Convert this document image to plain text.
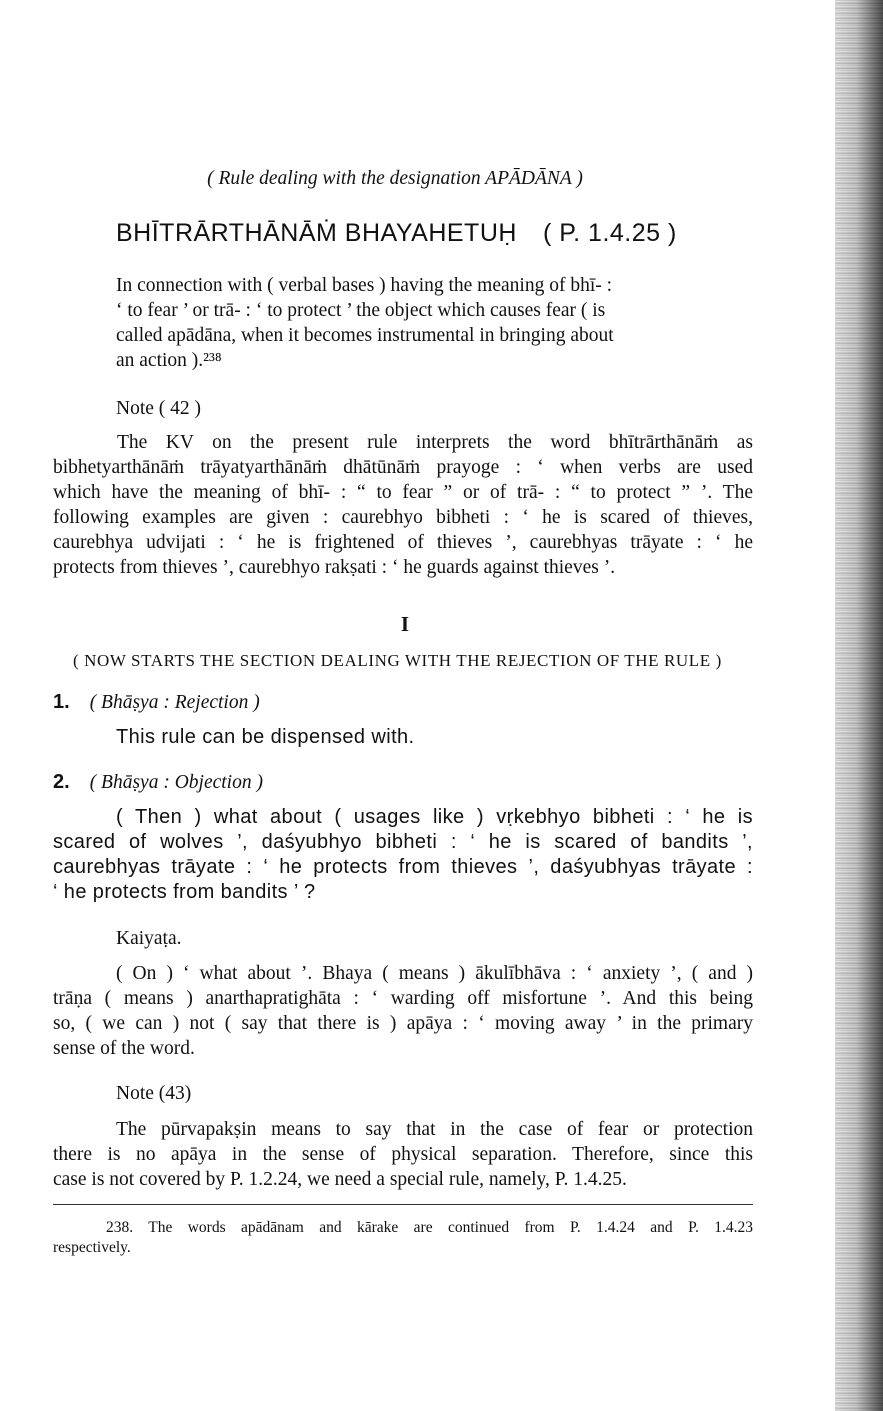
( Rule dealing with the designation APĀDĀNA )

BHĪTRĀRTHĀNĀṀ BHAYAHETUḤ ( P. 1.4.25 )

In connection with ( verbal bases ) having the meaning of bhī- :

‘ to fear ’ or trā- : ‘ to protect ’ the object which causes fear ( is

called apādāna, when it becomes instrumental in bringing about

an action ).²³⁸

Note ( 42 )

The KV on the present rule interprets the word bhītrārthānāṁ as

bibhetyarthānāṁ trāyatyarthānāṁ dhātūnāṁ prayoge : ‘ when verbs are used

which have the meaning of bhī- : “ to fear ” or of trā- : “ to protect ” ’. The

following examples are given : caurebhyo bibheti : ‘ he is scared of thieves,

caurebhya udvijati : ‘ he is frightened of thieves ’, caurebhyas trāyate : ‘ he

protects from thieves ’, caurebhyo rakṣati : ‘ he guards against thieves ’.

I

( NOW STARTS THE SECTION DEALING WITH THE REJECTION OF THE RULE )

1. ( Bhāṣya : Rejection )

This rule can be dispensed with.

2. ( Bhāṣya : Objection )

( Then ) what about ( usages like ) vṛkebhyo bibheti : ‘ he is

scared of wolves ’, daśyubhyo bibheti : ‘ he is scared of bandits ’,

caurebhyas trāyate : ‘ he protects from thieves ’, daśyubhyas trāyate :

‘ he protects from bandits ’ ?

Kaiyaṭa.

( On ) ‘ what about ’. Bhaya ( means ) ākulībhāva : ‘ anxiety ’, ( and )

trāṇa ( means ) anarthapratighāta : ‘ warding off misfortune ’. And this being

so, ( we can ) not ( say that there is ) apāya : ‘ moving away ’ in the primary

sense of the word.

Note (43)

The pūrvapakṣin means to say that in the case of fear or protection

there is no apāya in the sense of physical separation. Therefore, since this

case is not covered by P. 1.2.24, we need a special rule, namely, P. 1.4.25.

238. The words apādānam and kārake are continued from P. 1.4.24 and P. 1.4.23

respectively.
